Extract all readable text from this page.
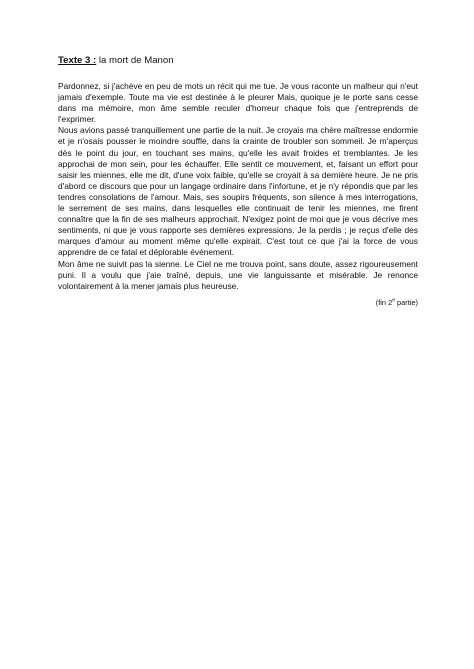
Texte 3 : la mort de Manon

Pardonnez, si j'achève en peu de mots un récit qui me tue. Je vous raconte un malheur qui n'eut jamais d'exemple. Toute ma vie est destinée à le pleurer Mais, quoique je le porte sans cesse dans ma mémoire, mon âme semble reculer d'horreur chaque fois que j'entreprends de l'exprimer.

Nous avions passé tranquillement une partie de la nuit. Je croyais ma chère maîtresse endormie et je n'osais pousser le moindre souffle, dans la crainte de troubler son sommeil. Je m'aperçus dès le point du jour, en touchant ses mains, qu'elle les avait froides et tremblantes. Je les approchai de mon sein, pour les échauffer. Elle sentit ce mouvement, et, faisant un effort pour saisir les miennes, elle me dit, d'une voix faible, qu'elle se croyait à sa dernière heure. Je ne pris d'abord ce discours que pour un langage ordinaire dans l'infortune, et je n'y répondis que par les tendres consolations de l'amour. Mais, ses soupirs fréquents, son silence à mes interrogations, le serrement de ses mains, dans lesquelles elle continuait de tenir les miennes, me firent connaître que la fin de ses malheurs approchait. N'exigez point de moi que je vous décrive mes sentiments, ni que je vous rapporte ses dernières expressions. Je la perdis ; je reçus d'elle des marques d'amour au moment même qu'elle expirait. C'est tout ce que j'ai la force de vous apprendre de ce fatal et déplorable événement.

Mon âme ne suivit pas la sienne. Le Ciel ne me trouva point, sans doute, assez rigoureusement puni. Il a voulu que j'aie traîné, depuis, une vie languissante et misérable. Je renonce volontairement à la mener jamais plus heureuse.

(fin 2e partie)
